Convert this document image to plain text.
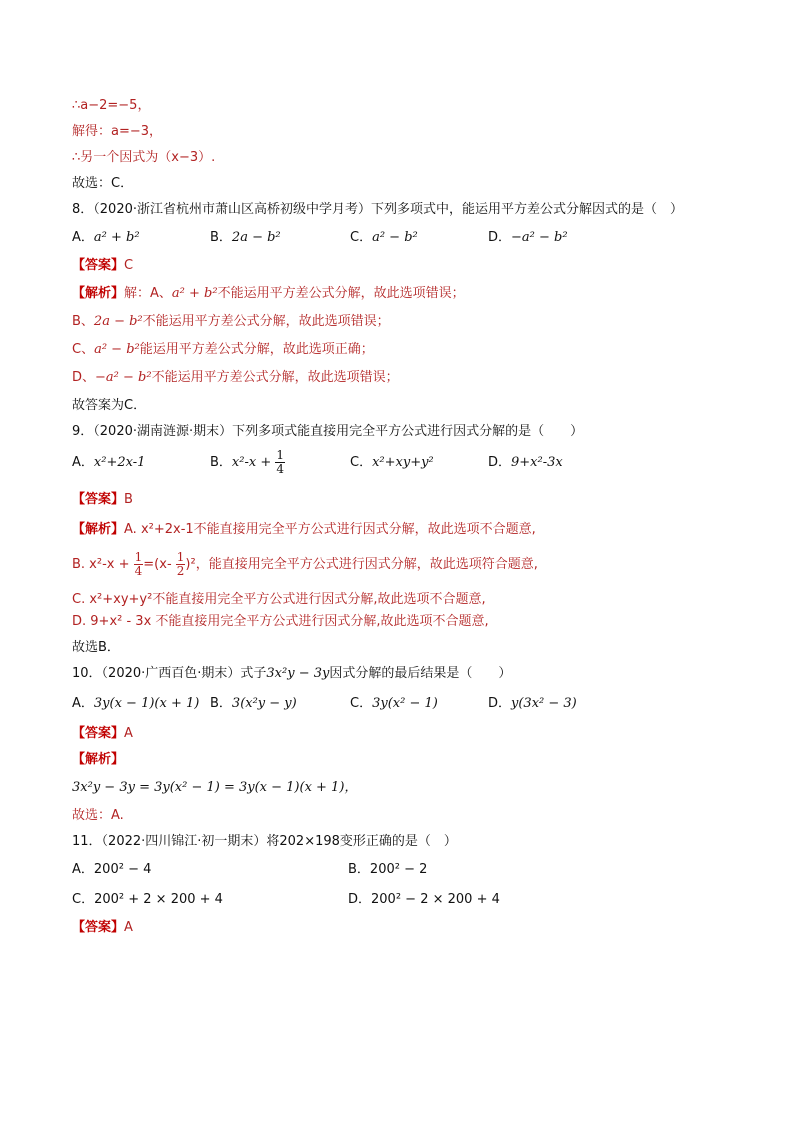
∴a−2=−5，
解得：a=−3，
∴另一个因式为（x−3）.
故选：C．
8．（2020·浙江省杭州市萧山区高桥初级中学月考）下列多项式中，能运用平方差公式分解因式的是（　）
A．a² + b²	B．2a − b²	C．a² − b²	D．−a² − b²
【答案】C
【解析】解：A、a² + b²不能运用平方差公式分解，故此选项错误；
B、2a − b²不能运用平方差公式分解，故此选项错误；
C、a² − b²能运用平方差公式分解，故此选项正确；
D、−a² − b²不能运用平方差公式分解，故此选项错误；
故答案为C．
9．（2020·湖南涟源·期末）下列多项式能直接用完全平方公式进行因式分解的是（　　）
A．x²+2x-1	B．$x^2-x + \frac{1}{4}$	C．x²+xy+y²	D．9+x²-3x
【答案】B
【解析】A. x²+2x-1不能直接用完全平方公式进行因式分解，故此选项不合题意,
B. $x^2-x + \frac{1}{4} =(x- \frac{1}{2} )^2$，能直接用完全平方公式进行因式分解，故此选项符合题意,
C. x²+xy+y²不能直接用完全平方公式进行因式分解,故此选项不合题意,
D. 9+x² - 3x 不能直接用完全平方公式进行因式分解,故此选项不合题意,
故选B．
10．（2020·广西百色·期末）式子3x²y − 3y因式分解的最后结果是（　　）
A．3y(x − 1)(x + 1) B．3(x²y − y)	C．3y(x² − 1)	D．y(3x² − 3)
【答案】A
【解析】
3x²y − 3y = 3y(x² − 1) = 3y(x − 1)(x + 1)，
故选：A.
11．（2022·四川锦江·初一期末）将202×198变形正确的是（　）
A．200² − 4	B．200² − 2
C．200² + 2 × 200 + 4	D．200² − 2 × 200 + 4
【答案】A
